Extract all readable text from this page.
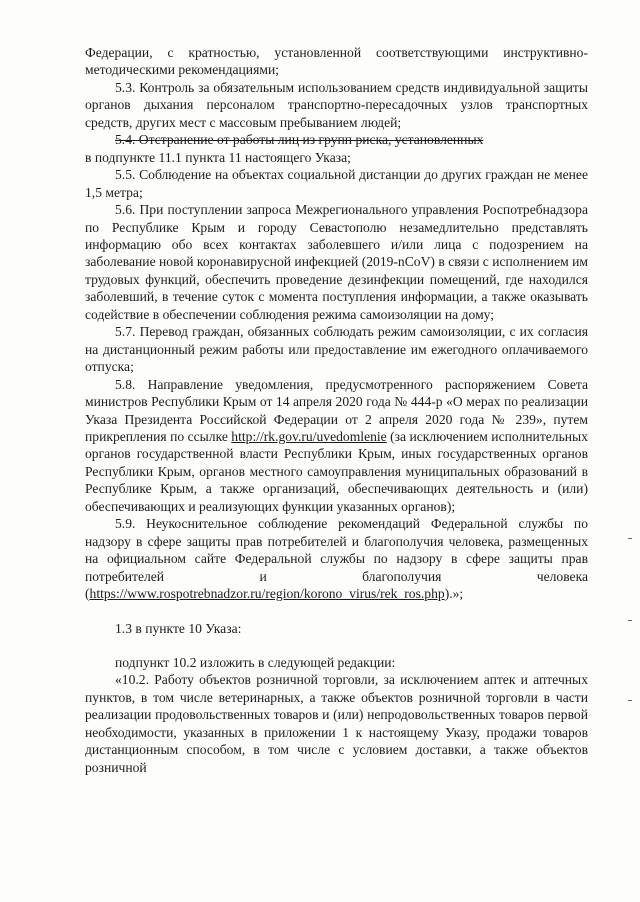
Федерации, с кратностью, установленной соответствующими инструктивно-методическими рекомендациями;

5.3. Контроль за обязательным использованием средств индивидуальной защиты органов дыхания персоналом транспортно-пересадочных узлов транспортных средств, других мест с массовым пребыванием людей;

5.4. Отстранение от работы лиц из групп риска, установленных
в подпункте 11.1 пункта 11 настоящего Указа;

5.5. Соблюдение на объектах социальной дистанции до других граждан не менее 1,5 метра;

5.6. При поступлении запроса Межрегионального управления Роспотребнадзора по Республике Крым и городу Севастополю незамедлительно представлять информацию обо всех контактах заболевшего и/или лица с подозрением на заболевание новой коронавирусной инфекцией (2019-nCoV) в связи с исполнением им трудовых функций, обеспечить проведение дезинфекции помещений, где находился заболевший, в течение суток с момента поступления информации, а также оказывать содействие в обеспечении соблюдения режима самоизоляции на дому;

5.7. Перевод граждан, обязанных соблюдать режим самоизоляции, с их согласия на дистанционный режим работы или предоставление им ежегодного оплачиваемого отпуска;

5.8. Направление уведомления, предусмотренного распоряжением Совета министров Республики Крым от 14 апреля 2020 года № 444-р «О мерах по реализации Указа Президента Российской Федерации от 2 апреля 2020 года № 239», путем прикрепления по ссылке http://rk.gov.ru/uvedomlenie (за исключением исполнительных органов государственной власти Республики Крым, иных государственных органов Республики Крым, органов местного самоуправления муниципальных образований в Республике Крым, а также организаций, обеспечивающих деятельность и (или) обеспечивающих и реализующих функции указанных органов);

5.9. Неукоснительное соблюдение рекомендаций Федеральной службы по надзору в сфере защиты прав потребителей и благополучия человека, размещенных на официальном сайте Федеральной службы по надзору в сфере защиты прав потребителей и благополучия человека (https://www.rospotrebnadzor.ru/region/korono_virus/rek_ros.php).»;

1.3 в пункте 10 Указа:

подпункт 10.2 изложить в следующей редакции:

«10.2. Работу объектов розничной торговли, за исключением аптек и аптечных пунктов, в том числе ветеринарных, а также объектов розничной торговли в части реализации продовольственных товаров и (или) непродовольственных товаров первой необходимости, указанных в приложении 1 к настоящему Указу, продажи товаров дистанционным способом, в том числе с условием доставки, а также объектов розничной
